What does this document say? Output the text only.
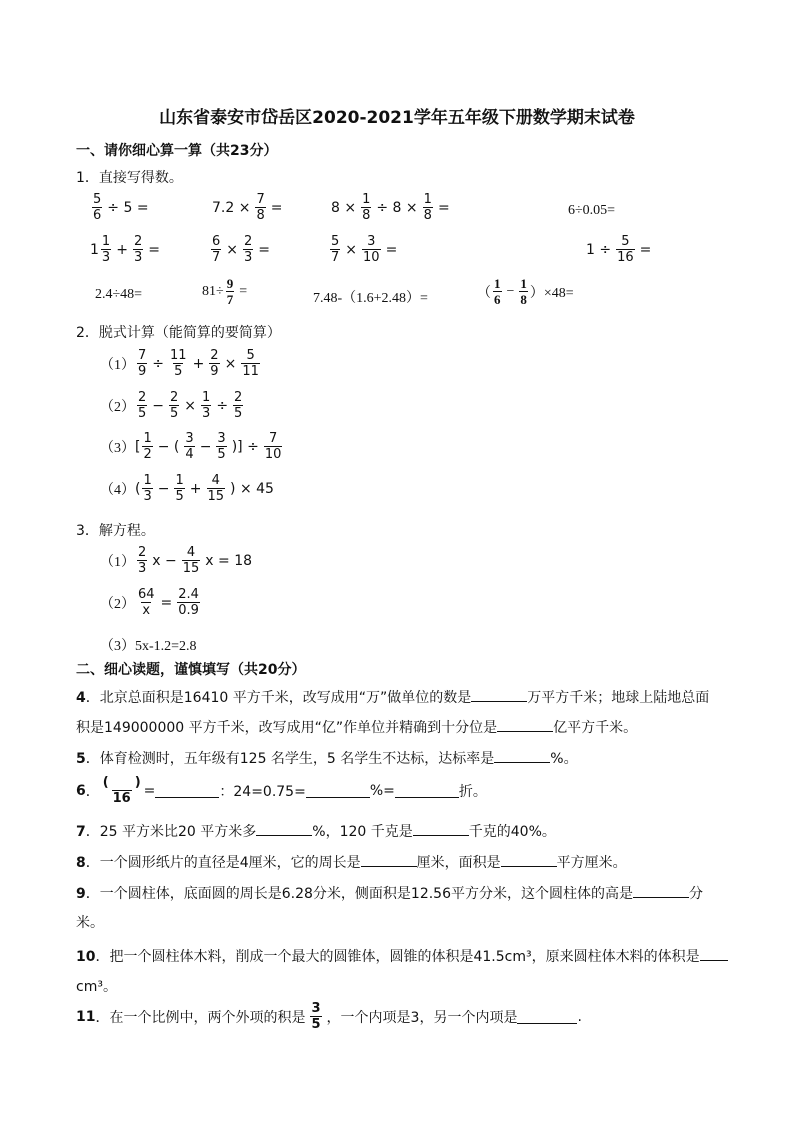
山东省泰安市岱岳区2020-2021学年五年级下册数学期末试卷
一、请你细心算一算（共23分）
1．直接写得数。
$\frac{5}{6} \div 5$ =	$7.2 \times \frac{7}{8}$ =	$8 \times \frac{1}{8} \div 8 \times \frac{1}{8}$ =	6÷0.05=
$1 \frac{1}{3} + \frac{2}{3}$ =	$\frac{6}{7} \times \frac{2}{3}$ =	$\frac{5}{7} \times \frac{3}{10}$ =	$1 \div \frac{5}{16}$ =
2.4÷48=	$81\div \frac{9}{7}$ =	7.48-（1.6+2.48）=	（ $\frac{1}{6} - \frac{1}{8} )\times 48=$
2．脱式计算（能简算的要简算）
$(1) \frac{7}{9} \div \frac{11}{5} + \frac{2}{9} \times \frac{5}{11}$
$(2) \frac{2}{5} - \frac{2}{5} \times \frac{1}{3} \div \frac{2}{5}$
（3） [ $\frac{1}{2}$ − ( $\frac{3}{4} - \frac{3}{5}$ )] ÷ $\frac{7}{10}$
（4） ( $\frac{1}{3} - \frac{1}{5} + \frac{4}{15}$ ) × 45
3．解方程。
$(1) \frac{2}{3}$ $x - \frac{4}{15}$ x = 18
$(2) \frac{64}{x} = \frac{2.4}{0.9}$
（3）5x-1.2=2.8
二、细心读题，谨慎填写（共20分）
4．北京总面积是16410 平方千米，改写成用“万”做单位的数是	万平方千米；地球上陆地总面
积是149000000 平方千米，改写成用“亿”作单位并精确到十分位是	亿平方千米。
5．体育检测时，五年级有125 名学生，5 名学生不达标，达标率是	%。
6 ． $\frac{( )}{16}$ =	：24=0.75=	%=	折。
7．25 平方米比20 平方米多	%，120 千克是	千克的40%。
8．一个圆形纸片的直径是4厘米，它的周长是	厘米，面积是	平方厘米。
9．一个圆柱体，底面圆的周长是6.28分米，侧面积是12.56平方分米，这个圆柱体的高是	分
米。
10．把一个圆柱体木料，削成一个最大的圆锥体，圆锥的体积是41.5cm³，原来圆柱体木料的体积是
cm³。
11 ．在一个比例中，两个外项的积是 $\frac{3}{5}$ ，一个内项是3，另一个内项是	.
